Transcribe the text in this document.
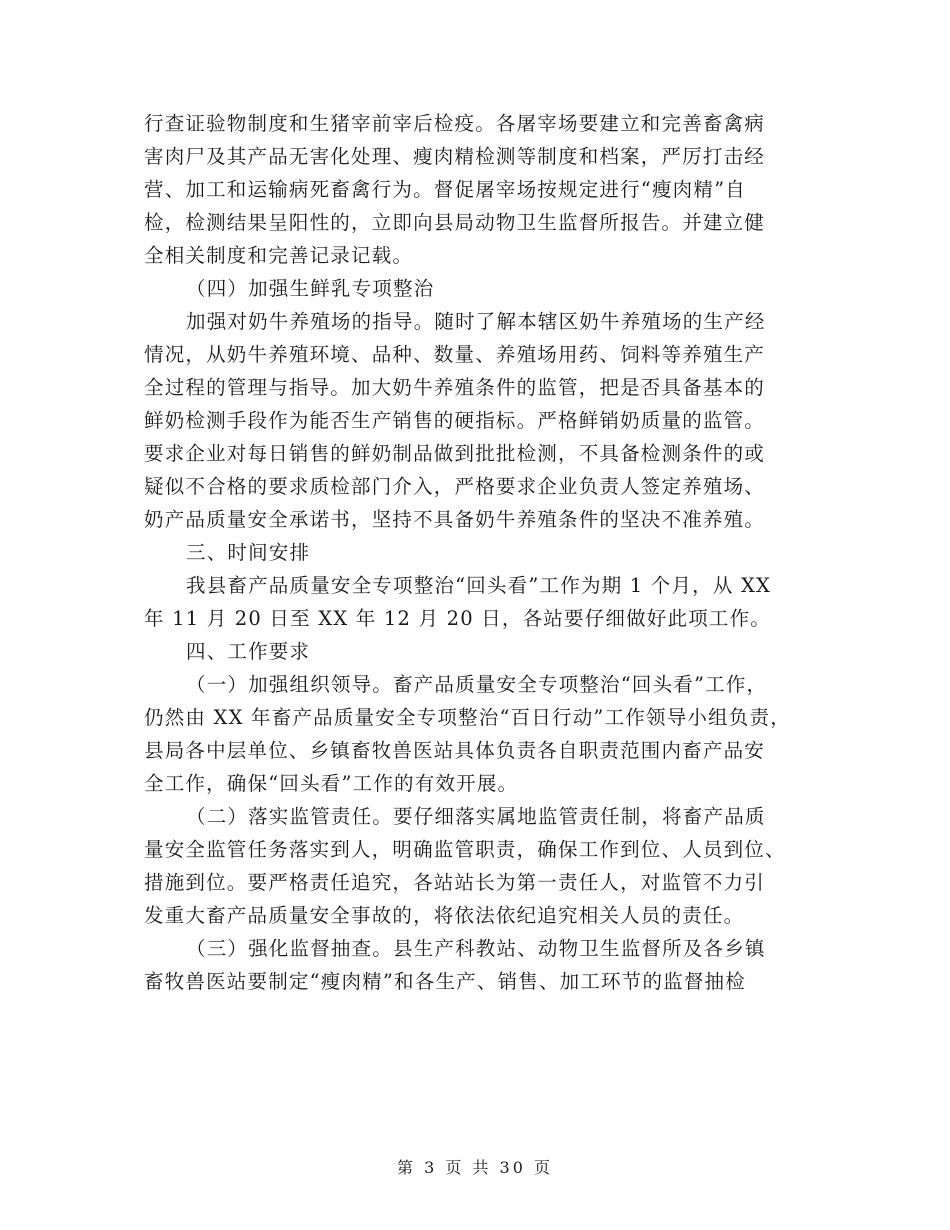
行查证验物制度和生猪宰前宰后检疫。各屠宰场要建立和完善畜禽病
害肉尸及其产品无害化处理、瘦肉精检测等制度和档案，严厉打击经
营、加工和运输病死畜禽行为。督促屠宰场按规定进行“瘦肉精”自
检，检测结果呈阳性的，立即向县局动物卫生监督所报告。并建立健
全相关制度和完善记录记载。
（四）加强生鲜乳专项整治
加强对奶牛养殖场的指导。随时了解本辖区奶牛养殖场的生产经
情况，从奶牛养殖环境、品种、数量、养殖场用药、饲料等养殖生产
全过程的管理与指导。加大奶牛养殖条件的监管，把是否具备基本的
鲜奶检测手段作为能否生产销售的硬指标。严格鲜销奶质量的监管。
要求企业对每日销售的鲜奶制品做到批批检测，不具备检测条件的或
疑似不合格的要求质检部门介入，严格要求企业负责人签定养殖场、
奶产品质量安全承诺书，坚持不具备奶牛养殖条件的坚决不准养殖。
三、时间安排
我县畜产品质量安全专项整治“回头看”工作为期 1 个月，从 XX
年 11 月 20 日至 XX 年 12 月 20 日，各站要仔细做好此项工作。
四、工作要求
（一）加强组织领导。畜产品质量安全专项整治“回头看”工作，
仍然由 XX 年畜产品质量安全专项整治“百日行动”工作领导小组负责，
县局各中层单位、乡镇畜牧兽医站具体负责各自职责范围内畜产品安
全工作，确保“回头看”工作的有效开展。
（二）落实监管责任。要仔细落实属地监管责任制，将畜产品质
量安全监管任务落实到人，明确监管职责，确保工作到位、人员到位、
措施到位。要严格责任追究，各站站长为第一责任人，对监管不力引
发重大畜产品质量安全事故的，将依法依纪追究相关人员的责任。
（三）强化监督抽查。县生产科教站、动物卫生监督所及各乡镇
畜牧兽医站要制定“瘦肉精”和各生产、销售、加工环节的监督抽检

第 3 页 共 30 页
